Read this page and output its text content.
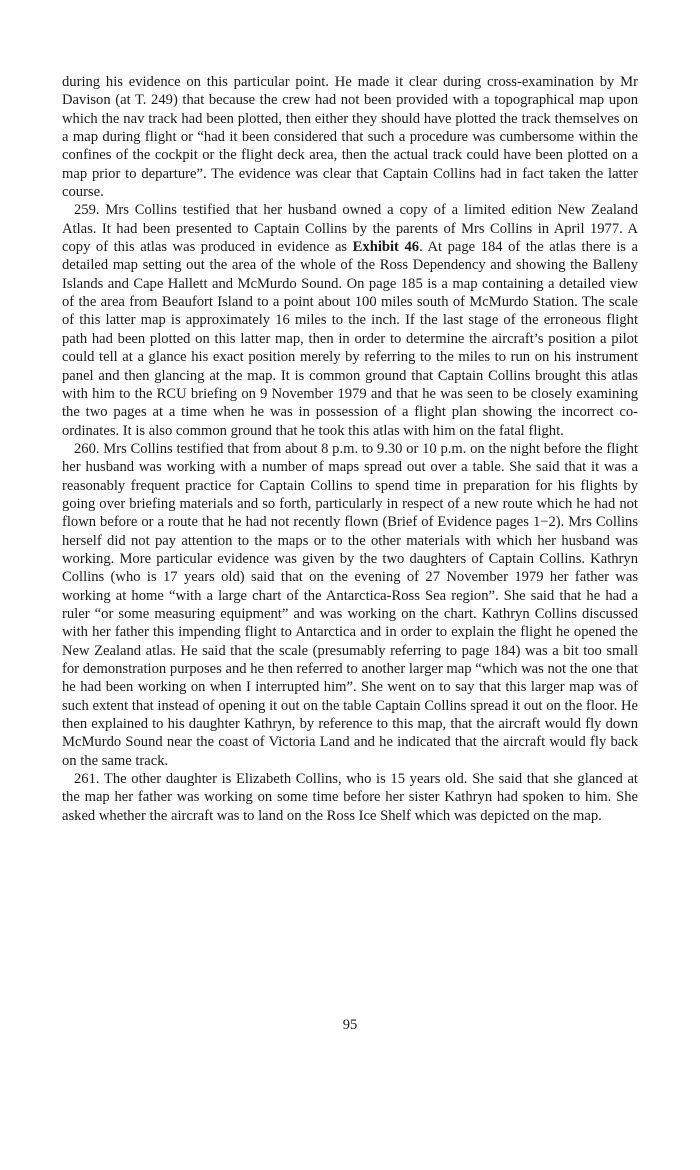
during his evidence on this particular point. He made it clear during cross-examination by Mr Davison (at T. 249) that because the crew had not been provided with a topographical map upon which the nav track had been plotted, then either they should have plotted the track themselves on a map during flight or “had it been considered that such a procedure was cumbersome within the confines of the cockpit or the flight deck area, then the actual track could have been plotted on a map prior to departure”. The evidence was clear that Captain Collins had in fact taken the latter course.

259. Mrs Collins testified that her husband owned a copy of a limited edition New Zealand Atlas. It had been presented to Captain Collins by the parents of Mrs Collins in April 1977. A copy of this atlas was produced in evidence as Exhibit 46. At page 184 of the atlas there is a detailed map setting out the area of the whole of the Ross Dependency and showing the Balleny Islands and Cape Hallett and McMurdo Sound. On page 185 is a map containing a detailed view of the area from Beaufort Island to a point about 100 miles south of McMurdo Station. The scale of this latter map is approximately 16 miles to the inch. If the last stage of the erroneous flight path had been plotted on this latter map, then in order to determine the aircraft’s position a pilot could tell at a glance his exact position merely by referring to the miles to run on his instrument panel and then glancing at the map. It is common ground that Captain Collins brought this atlas with him to the RCU briefing on 9 November 1979 and that he was seen to be closely examining the two pages at a time when he was in possession of a flight plan showing the incorrect co-ordinates. It is also common ground that he took this atlas with him on the fatal flight.

260. Mrs Collins testified that from about 8 p.m. to 9.30 or 10 p.m. on the night before the flight her husband was working with a number of maps spread out over a table. She said that it was a reasonably frequent practice for Captain Collins to spend time in preparation for his flights by going over briefing materials and so forth, particularly in respect of a new route which he had not flown before or a route that he had not recently flown (Brief of Evidence pages 1−2). Mrs Collins herself did not pay attention to the maps or to the other materials with which her husband was working. More particular evidence was given by the two daughters of Captain Collins. Kathryn Collins (who is 17 years old) said that on the evening of 27 November 1979 her father was working at home “with a large chart of the Antarctica-Ross Sea region”. She said that he had a ruler “or some measuring equipment” and was working on the chart. Kathryn Collins discussed with her father this impending flight to Antarctica and in order to explain the flight he opened the New Zealand atlas. He said that the scale (presumably referring to page 184) was a bit too small for demonstration purposes and he then referred to another larger map “which was not the one that he had been working on when I interrupted him”. She went on to say that this larger map was of such extent that instead of opening it out on the table Captain Collins spread it out on the floor. He then explained to his daughter Kathryn, by reference to this map, that the aircraft would fly down McMurdo Sound near the coast of Victoria Land and he indicated that the aircraft would fly back on the same track.

261. The other daughter is Elizabeth Collins, who is 15 years old. She said that she glanced at the map her father was working on some time before her sister Kathryn had spoken to him. She asked whether the aircraft was to land on the Ross Ice Shelf which was depicted on the map.

95
